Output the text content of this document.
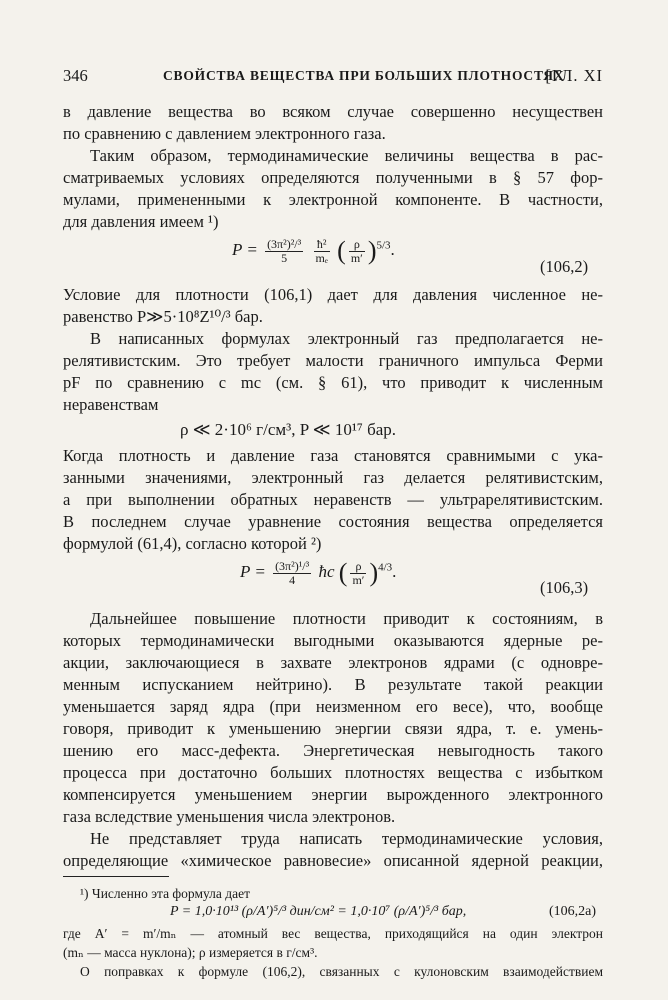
346	СВОЙСТВА ВЕЩЕСТВА ПРИ БОЛЬШИХ ПЛОТНОСТЯХ
[ГЛ. XI
в давление вещества во всяком случае совершенно несуществен
по сравнению с давлением электронного газа.
Таким образом, термодинамические величины вещества в рас-
сматриваемых условиях определяются полученными в § 57 фор-
мулами, примененными к электронной компоненте. В частности,
для давления имеем ¹)
$P = \frac{\text{(3π²)²/³}}{5}$
$\frac{\text{ħ²}}{\text{mₑ}}$ ( $\frac{\rho}{m'} )^{5/3}$.
(106,2)
Условие для плотности (106,1) дает для давления численное не-
равенство P≫5·10⁸Z¹⁰/³ бар.
В написанных формулах электронный газ предполагается не-
релятивистским. Это требует малости граничного импульса Ферми
pF по сравнению с mc (см. § 61), что приводит к численным
неравенствам
ρ ≪ 2·10⁶ г/см³, P ≪ 10¹⁷ бар.
Когда плотность и давление газа становятся сравнимыми с ука-
занными значениями, электронный газ делается релятивистским,
а при выполнении обратных неравенств — ультрарелятивистским.
В последнем случае уравнение состояния вещества определяется
формулой (61,4), согласно которой ²)
$P = \frac{\text{(3π²)¹/³}}{4}$ ħc ( $\frac{\rho}{m'} )^{4/3}$.
(106,3)
Дальнейшее повышение плотности приводит к состояниям, в
которых термодинамически выгодными оказываются ядерные ре-
акции, заключающиеся в захвате электронов ядрами (с одновре-
менным испусканием нейтрино). В результате такой реакции
уменьшается заряд ядра (при неизменном его весе), что, вообще
говоря, приводит к уменьшению энергии связи ядра, т. е. умень-
шению его масс-дефекта. Энергетическая невыгодность такого
процесса при достаточно больших плотностях вещества с избытком
компенсируется уменьшением энергии вырожденного электронного
газа вследствие уменьшения числа электронов.
Не представляет труда написать термодинамические условия,
определяющие «химическое равновесие» описанной ядерной реакции,
¹) Численно эта формула дает
P = 1,0·10¹³ (ρ/A′)⁵/³ дин/см² = 1,0·10⁷ (ρ/A′)⁵/³ бар,	(106,2а)
где A′ = m′/mₙ — атомный вес вещества, приходящийся на один электрон
(mₙ — масса нуклона); ρ измеряется в г/см³.
О поправках к формуле (106,2), связанных с кулоновским взаимодействием
